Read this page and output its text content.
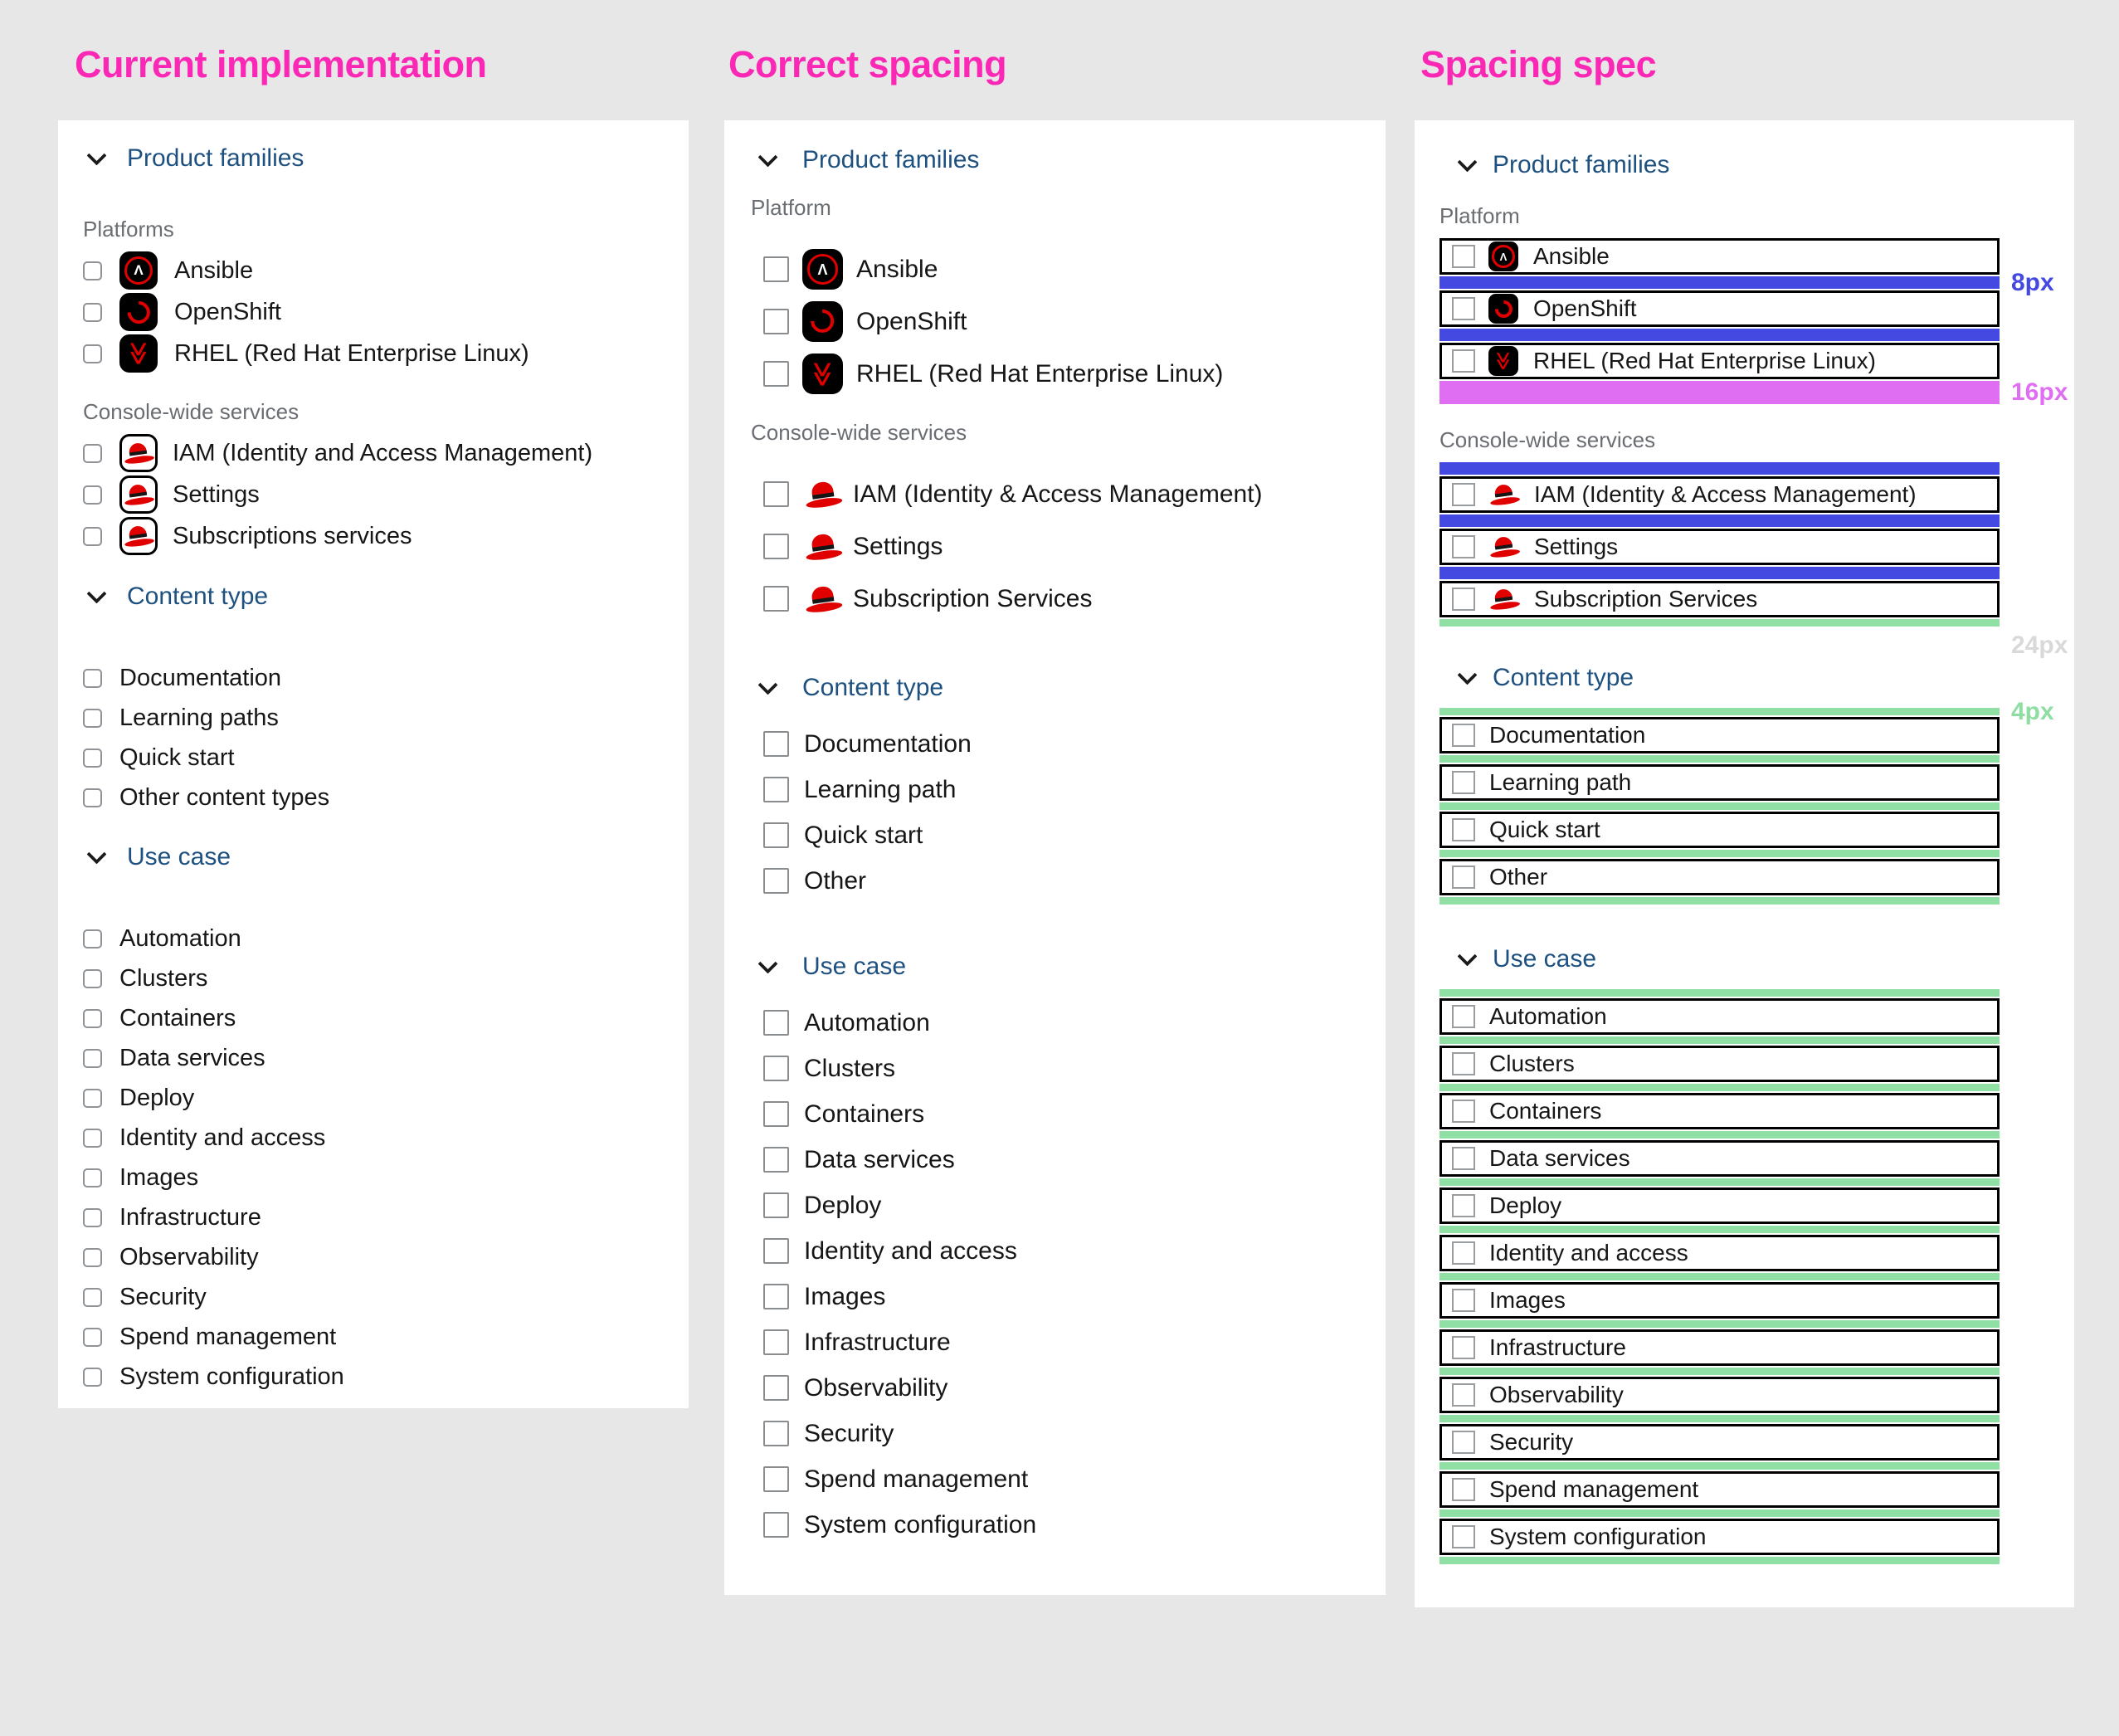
Current implementation	Correct spacing	Spacing spec
Product families
Platforms
Λ Ansible
OpenShift
≪ RHEL (Red Hat Enterprise Linux)
Console-wide services
IAM (Identity and Access Management)
Settings
Subscriptions services
Content type
Documentation
Learning paths
Quick start
Other content types
Use case
Automation
Clusters
Containers
Data services
Deploy
Identity and access
Images
Infrastructure
Observability
Security
Spend management
System configuration
Product families
Platform
Λ Ansible
OpenShift
≪ RHEL (Red Hat Enterprise Linux)
Console-wide services
IAM (Identity & Access Management)
Settings
Subscription Services
Content type
Documentation
Learning path
Quick start
Other
Use case
Automation
Clusters
Containers
Data services
Deploy
Identity and access
Images
Infrastructure
Observability
Security
Spend management
System configuration
Product families
Platform
Λ Ansible
8px
OpenShift
≪ RHEL (Red Hat Enterprise Linux)
16px
Console-wide services
IAM (Identity & Access Management)
Settings
Subscription Services
24px
Content type
4px
Documentation
Learning path
Quick start
Other
Use case
Automation
Clusters
Containers
Data services
Deploy
Identity and access
Images
Infrastructure
Observability
Security
Spend management
System configuration
